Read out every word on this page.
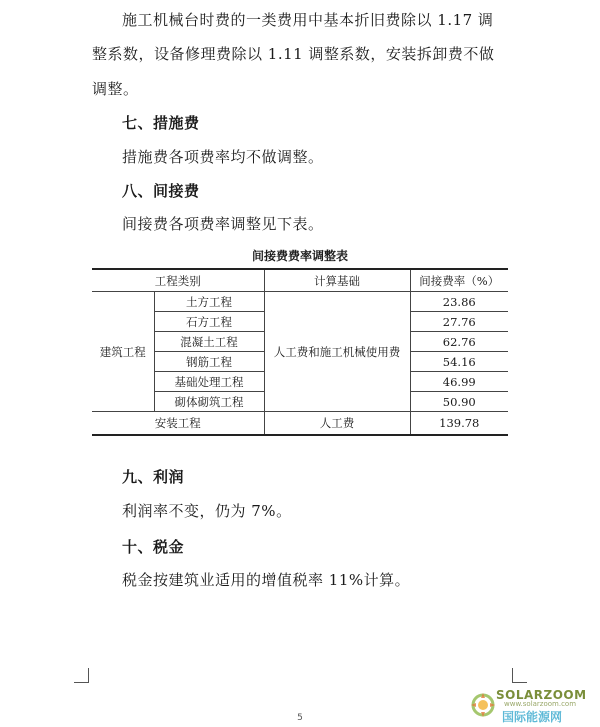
施工机械台时费的一类费用中基本折旧费除以 1.17 调
整系数，设备修理费除以 1.11 调整系数，安装拆卸费不做
调整。
七、措施费
措施费各项费率均不做调整。
八、间接费
间接费各项费率调整见下表。
间接费费率调整表
工程类别		计算基础	间接费率（%）
建筑工程	土方工程	人工费和施工机械使用费	23.86
	石方工程		27.76
	混凝土工程		62.76
	钢筋工程		54.16
	基础处理工程		46.99
	砌体砌筑工程		50.90
安装工程		人工费	139.78
九、利润
利润率不变，仍为 7%。
十、税金
税金按建筑业适用的增值税率 11%计算。
5
SOLARZOOM
www.solarzoom.com
国际能源网
